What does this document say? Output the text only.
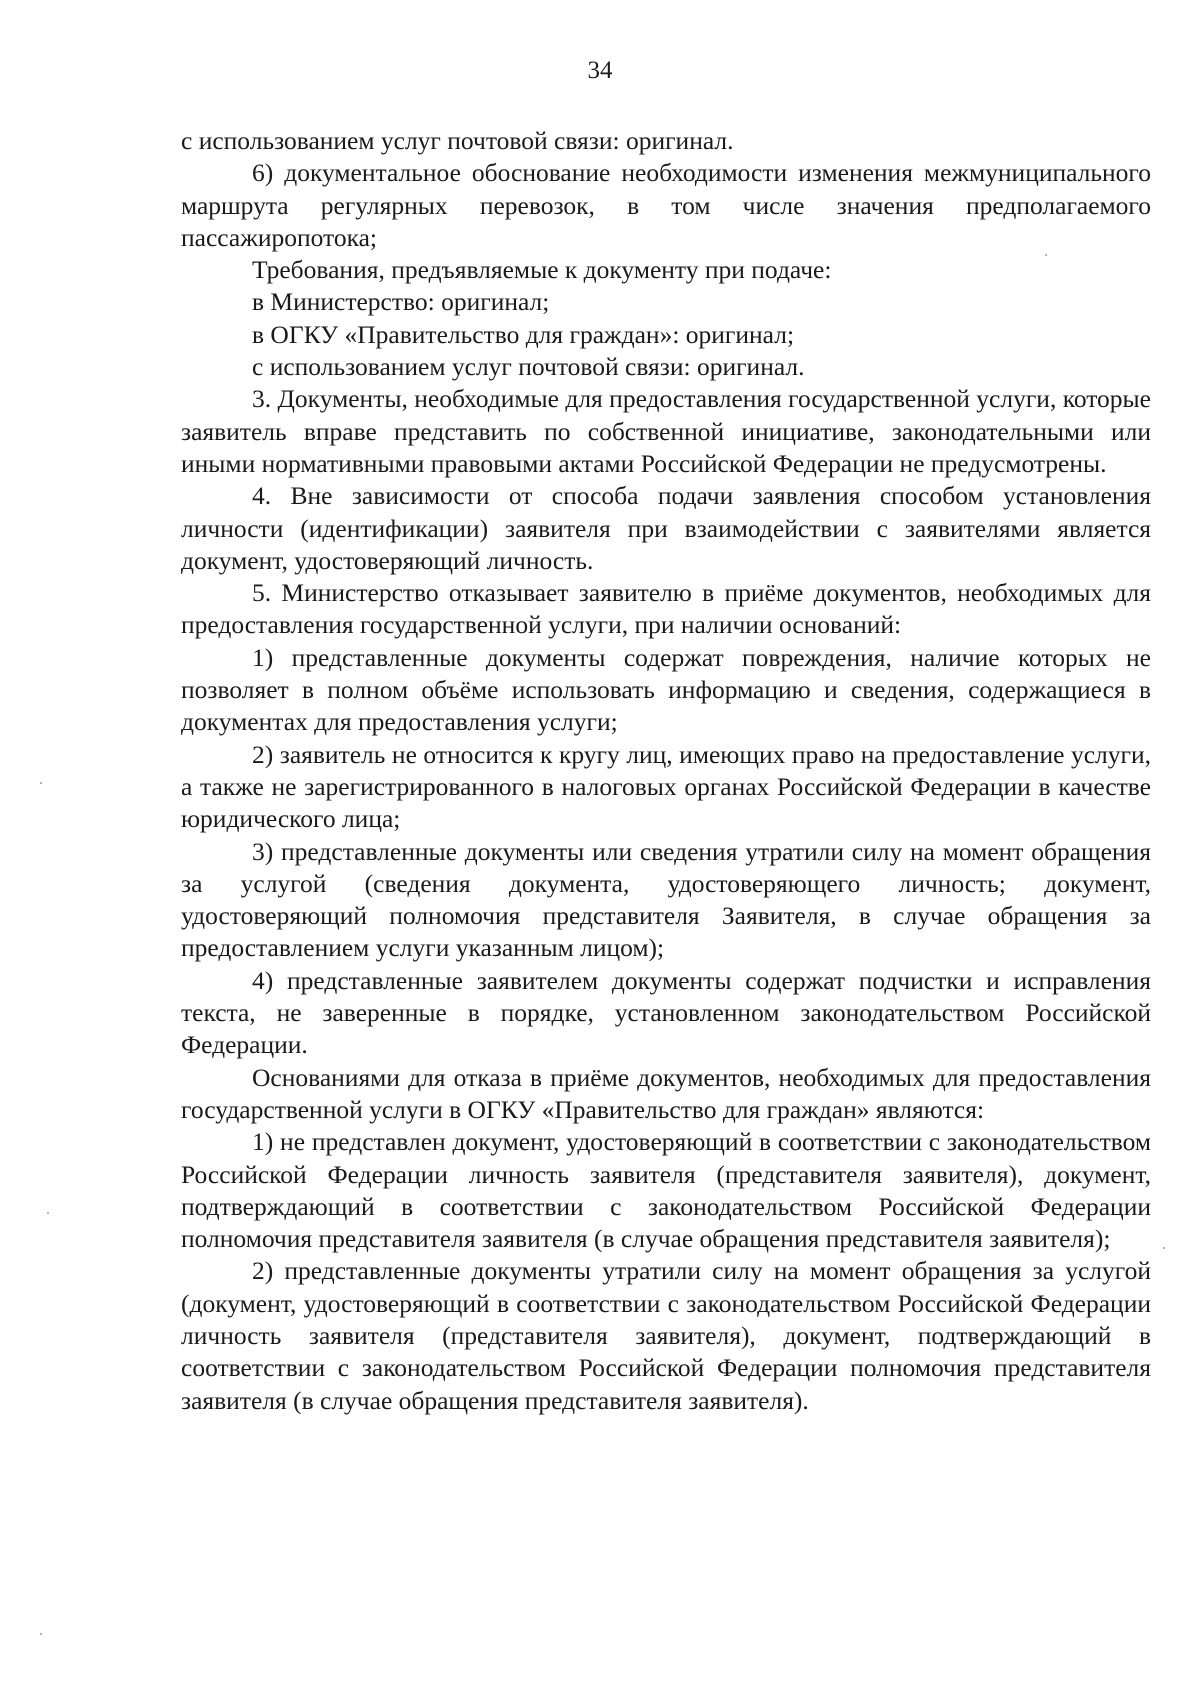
34

с использованием услуг почтовой связи: оригинал.

6) документальное обоснование необходимости изменения межмуниципального маршрута регулярных перевозок, в том числе значения предполагаемого пассажиропотока;

Требования, предъявляемые к документу при подаче:

в Министерство: оригинал;

в ОГКУ «Правительство для граждан»: оригинал;

с использованием услуг почтовой связи: оригинал.

3. Документы, необходимые для предоставления государственной услуги, которые заявитель вправе представить по собственной инициативе, законодательными или иными нормативными правовыми актами Российской Федерации не предусмотрены.

4. Вне зависимости от способа подачи заявления способом установления личности (идентификации) заявителя при взаимодействии с заявителями является документ, удостоверяющий личность.

5. Министерство отказывает заявителю в приёме документов, необходимых для предоставления государственной услуги, при наличии оснований:

1) представленные документы содержат повреждения, наличие которых не позволяет в полном объёме использовать информацию и сведения, содержащиеся в документах для предоставления услуги;

2) заявитель не относится к кругу лиц, имеющих право на предоставление услуги, а также не зарегистрированного в налоговых органах Российской Федерации в качестве юридического лица;

3) представленные документы или сведения утратили силу на момент обращения за услугой (сведения документа, удостоверяющего личность; документ, удостоверяющий полномочия представителя Заявителя, в случае обращения за предоставлением услуги указанным лицом);

4) представленные заявителем документы содержат подчистки и исправления текста, не заверенные в порядке, установленном законодательством Российской Федерации.

Основаниями для отказа в приёме документов, необходимых для предоставления государственной услуги в ОГКУ «Правительство для граждан» являются:

1) не представлен документ, удостоверяющий в соответствии с законодательством Российской Федерации личность заявителя (представителя заявителя), документ, подтверждающий в соответствии с законодательством Российской Федерации полномочия представителя заявителя (в случае обращения представителя заявителя);

2) представленные документы утратили силу на момент обращения за услугой (документ, удостоверяющий в соответствии с законодательством Российской Федерации личность заявителя (представителя заявителя), документ, подтверждающий в соответствии с законодательством Российской Федерации полномочия представителя заявителя (в случае обращения представителя заявителя).
